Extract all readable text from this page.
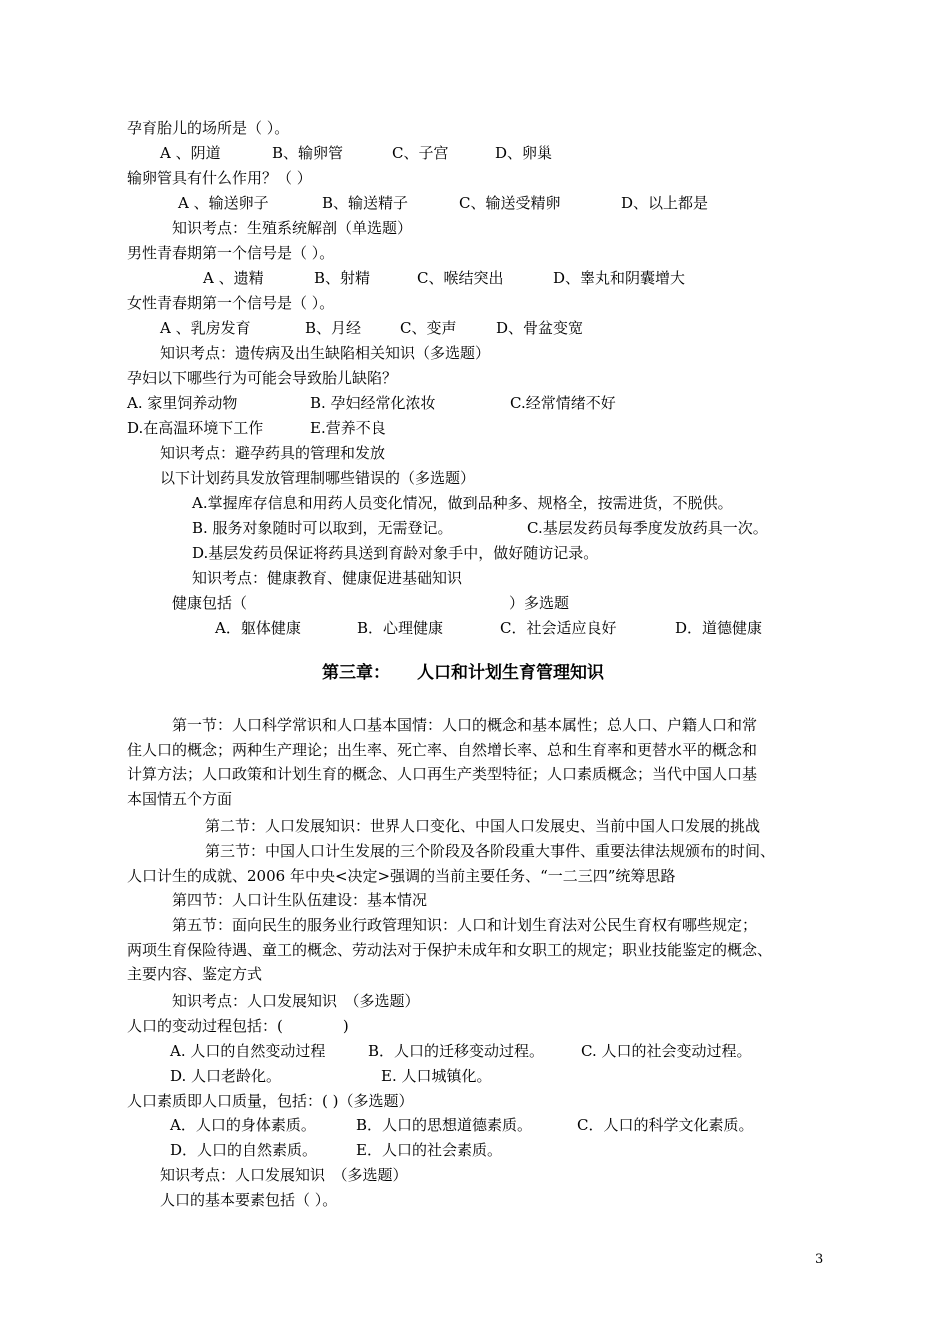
孕育胎儿的场所是（ ）。
A 、阴道	B、输卵管	C、子宫	D、卵巢
输卵管具有什么作用？（ ）
A 、输送卵子	B、输送精子	C、输送受精卵	D、以上都是
知识考点：生殖系统解剖（单选题）
男性青春期第一个信号是（ ）。
A 、遗精	B、射精	C、喉结突出	D、睾丸和阴囊增大
女性青春期第一个信号是（ ）。
A 、乳房发育	B、月经	C、变声	D、骨盆变宽
知识考点：遗传病及出生缺陷相关知识（多选题）
孕妇以下哪些行为可能会导致胎儿缺陷？
A. 家里饲养动物	B. 孕妇经常化浓妆	C.经常情绪不好
D.在高温环境下工作	E.营养不良
知识考点：避孕药具的管理和发放
以下计划药具发放管理制哪些错误的（多选题）
A.掌握库存信息和用药人员变化情况，做到品种多、规格全，按需进货，不脱供。
B. 服务对象随时可以取到，无需登记。	C.基层发药员每季度发放药具一次。
D.基层发药员保证将药具送到育龄对象手中，做好随访记录。
知识考点：健康教育、健康促进基础知识
健康包括（	）多选题
A．躯体健康	B．心理健康	C．社会适应良好	D．道德健康
第三章： 人口和计划生育管理知识
第一节：人口科学常识和人口基本国情：人口的概念和基本属性；总人口、户籍人口和常
住人口的概念；两种生产理论；出生率、死亡率、自然增长率、总和生育率和更替水平的概念和
计算方法；人口政策和计划生育的概念、人口再生产类型特征；人口素质概念；当代中国人口基
本国情五个方面
第二节：人口发展知识：世界人口变化、中国人口发展史、当前中国人口发展的挑战
第三节：中国人口计生发展的三个阶段及各阶段重大事件、重要法律法规颁布的时间、
人口计生的成就、2006 年中央<决定>强调的当前主要任务、“一二三四”统筹思路
第四节：人口计生队伍建设：基本情况
第五节：面向民生的服务业行政管理知识：人口和计划生育法对公民生育权有哪些规定；
两项生育保险待遇、童工的概念、劳动法对于保护未成年和女职工的规定；职业技能鉴定的概念、
主要内容、鉴定方式
知识考点：人口发展知识　（多选题）
人口的变动过程包括：(　　　　)
A. 人口的自然变动过程	B．人口的迁移变动过程。 C. 人口的社会变动过程。
D. 人口老龄化。	E. 人口城镇化。
人口素质即人口质量，包括：( )（多选题）
A．人口的身体素质。	B．人口的思想道德素质。	C．人口的科学文化素质。
D．人口的自然素质。	E．人口的社会素质。
知识考点：人口发展知识　（多选题）
人口的基本要素包括（ ）。
3
